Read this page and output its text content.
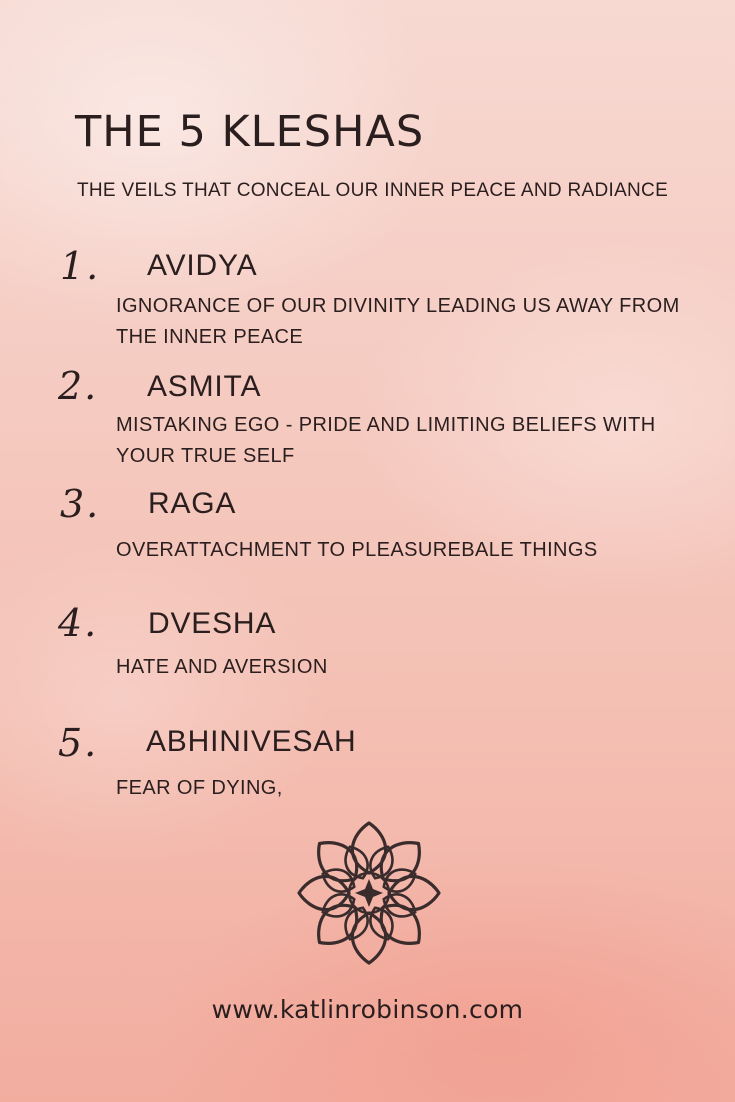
THE 5 KLESHAS

THE VEILS THAT CONCEAL OUR INNER PEACE AND RADIANCE

1. AVIDYA

IGNORANCE OF OUR DIVINITY LEADING US AWAY FROM THE INNER PEACE

2. ASMITA

MISTAKING EGO - PRIDE AND LIMITING BELIEFS WITH YOUR TRUE SELF

3. RAGA

OVERATTACHMENT TO PLEASUREBALE THINGS

4. DVESHA

HATE AND AVERSION

5. ABHINIVESAH

FEAR OF DYING,

www.katlinrobinson.com
